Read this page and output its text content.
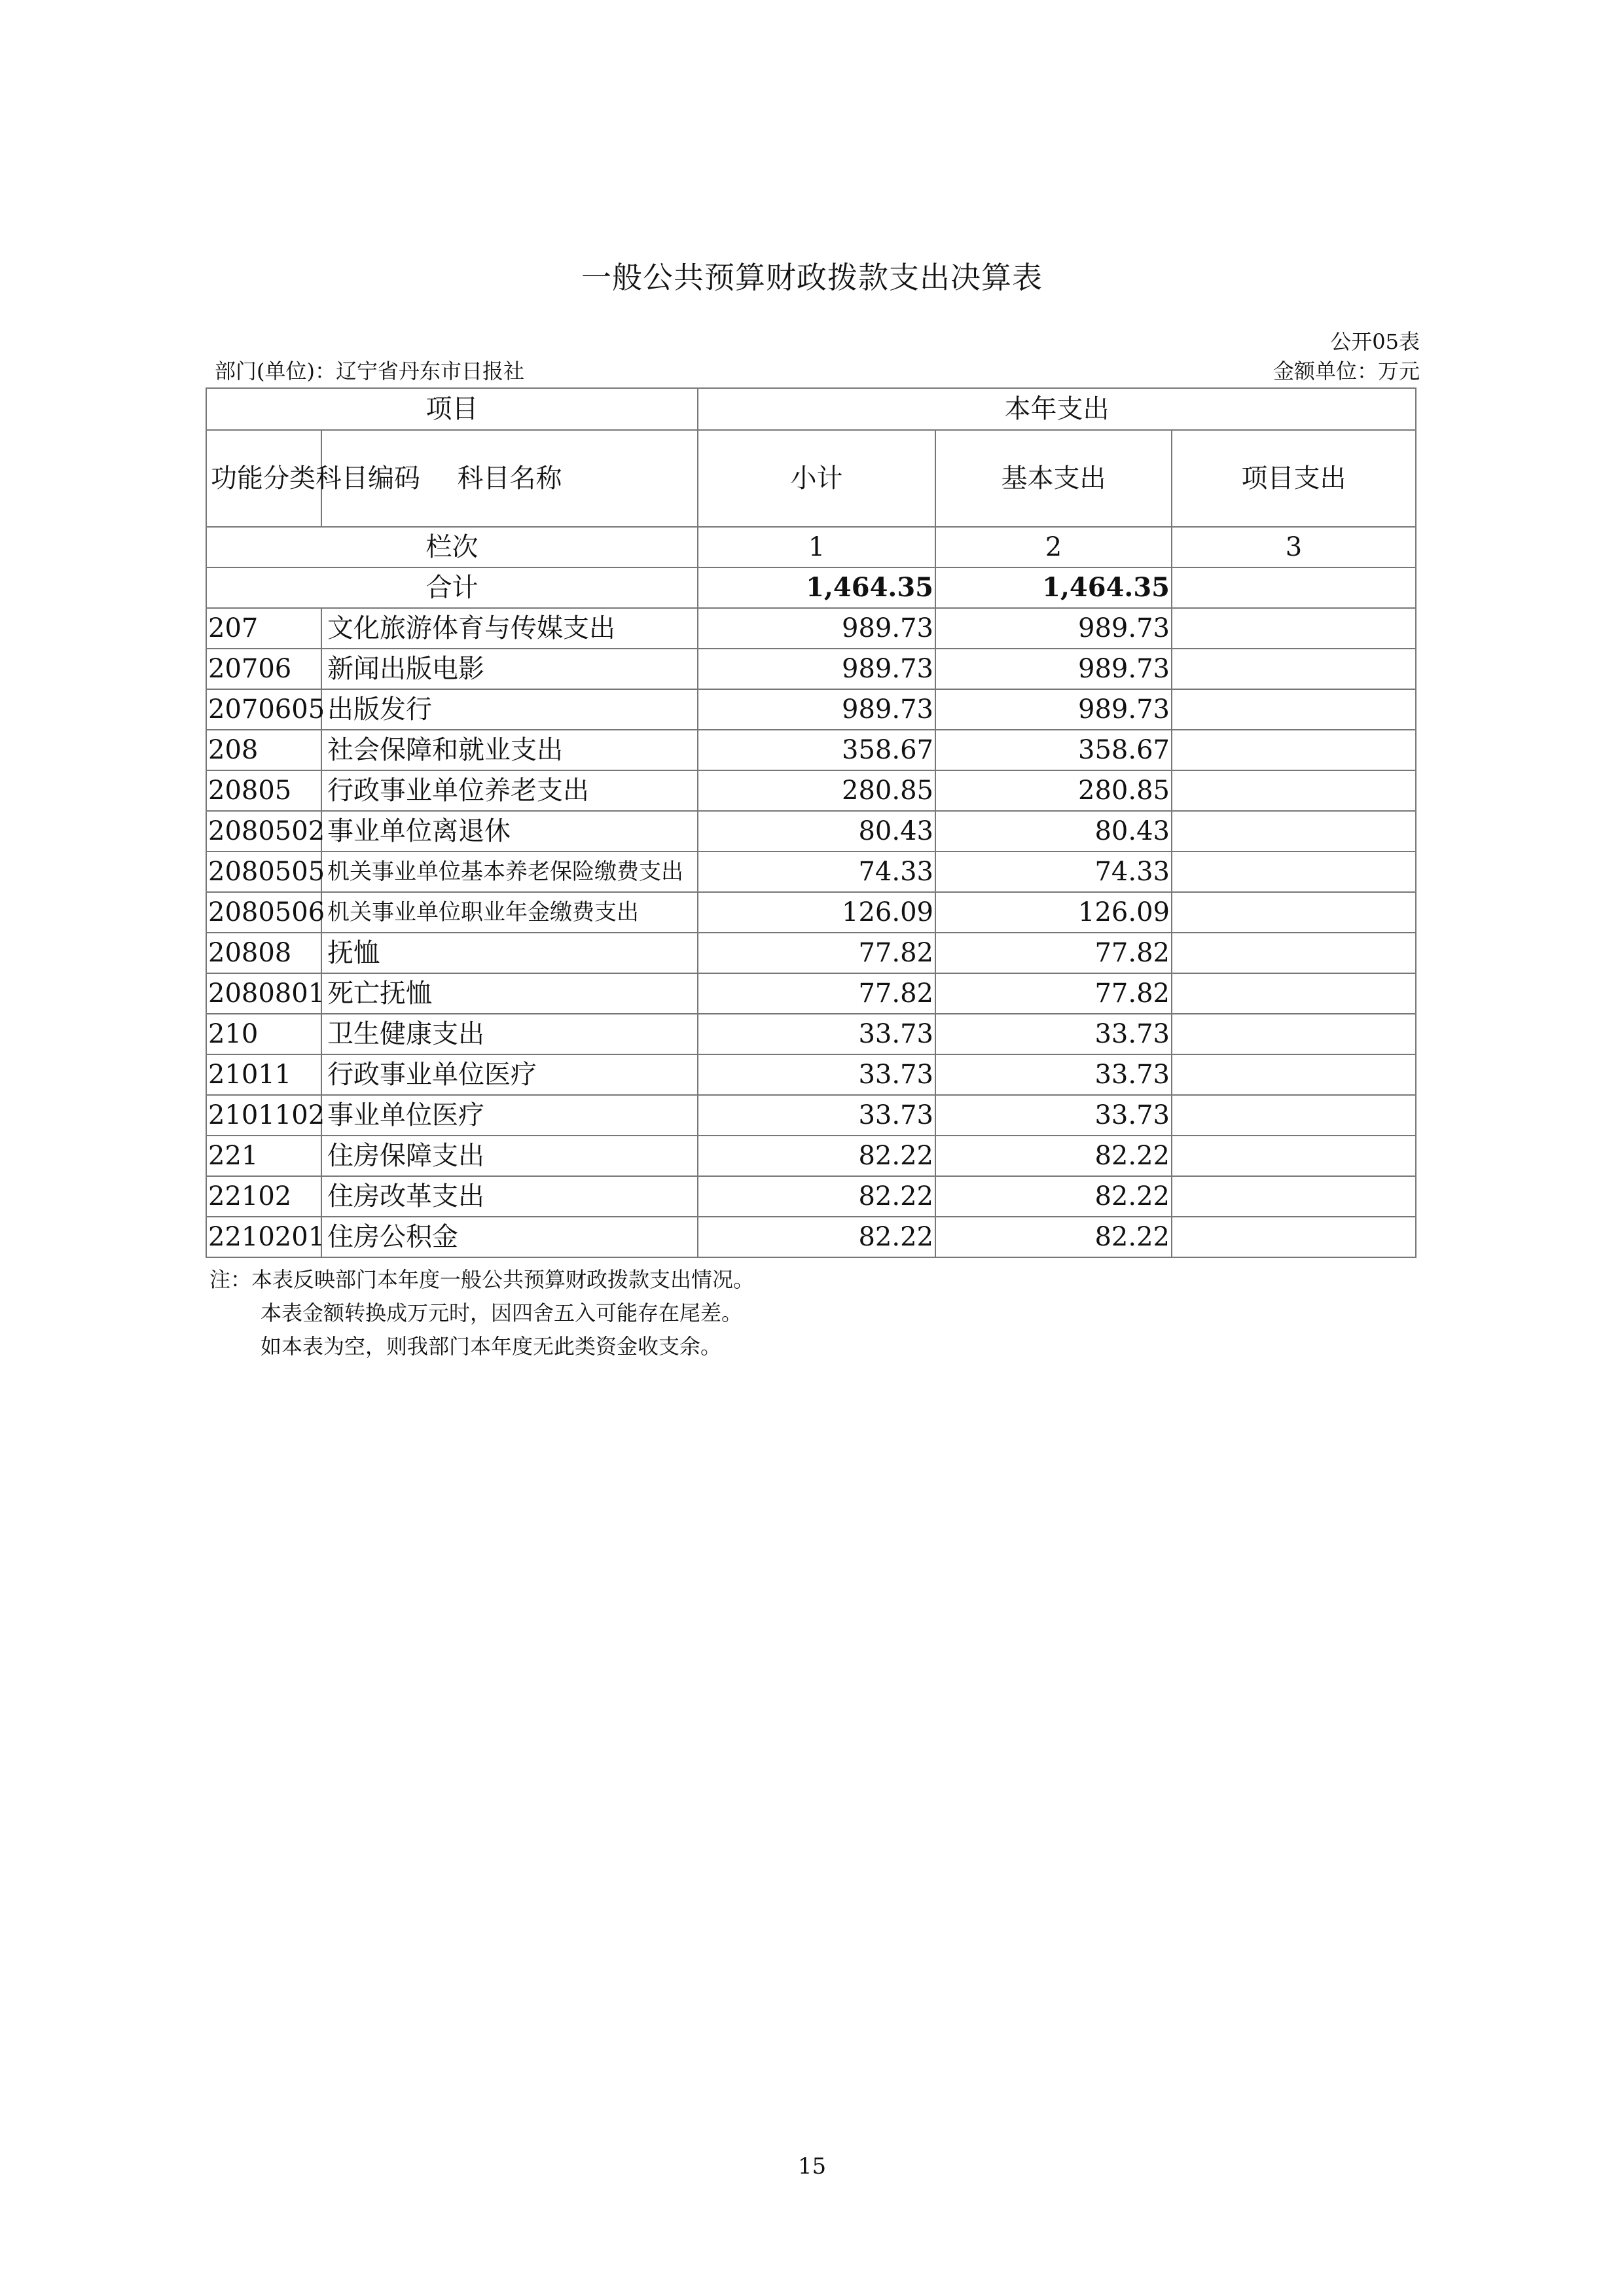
一般公共预算财政拨款支出决算表
公开05表
部门(单位)：辽宁省丹东市日报社	金额单位：万元
项目		本年支出		
功能分类科目编码	科目名称	小计	基本支出	项目支出
栏次		1	2	3
合计		1,464.35	1,464.35	
207	文化旅游体育与传媒支出	989.73	989.73	
20706	新闻出版电影	989.73	989.73	
2070605	出版发行	989.73	989.73	
208	社会保障和就业支出	358.67	358.67	
20805	行政事业单位养老支出	280.85	280.85	
2080502	事业单位离退休	80.43	80.43	
2080505	机关事业单位基本养老保险缴费支出	74.33	74.33	
2080506	机关事业单位职业年金缴费支出	126.09	126.09	
20808	抚恤	77.82	77.82	
2080801	死亡抚恤	77.82	77.82	
210	卫生健康支出	33.73	33.73	
21011	行政事业单位医疗	33.73	33.73	
2101102	事业单位医疗	33.73	33.73	
221	住房保障支出	82.22	82.22	
22102	住房改革支出	82.22	82.22	
2210201	住房公积金	82.22	82.22	
注：本表反映部门本年度一般公共预算财政拨款支出情况。
本表金额转换成万元时，因四舍五入可能存在尾差。
如本表为空，则我部门本年度无此类资金收支余。
15
